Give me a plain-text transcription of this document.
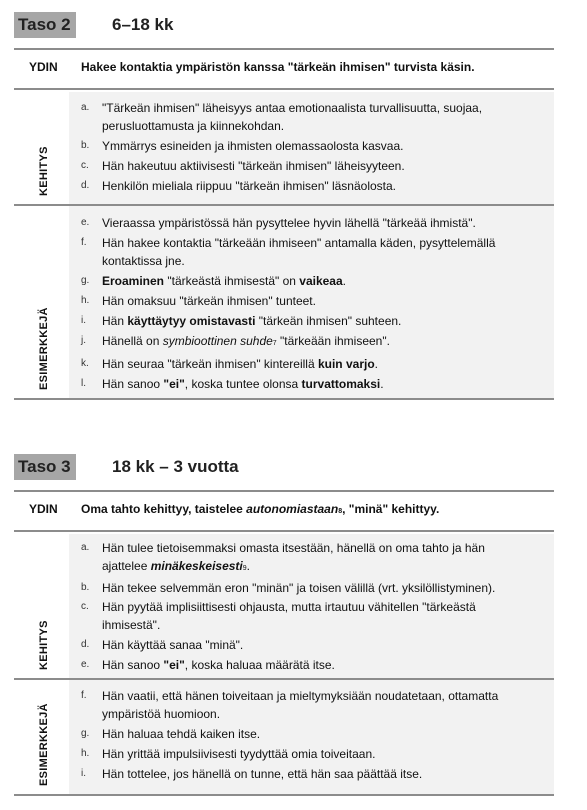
Taso 2	6–18 kk
YDIN Hakee kontaktia ympäristön kanssa "tärkeän ihmisen" turvista käsin.
KEHITYS
a. "Tärkeän ihmisen" läheisyys antaa emotionaalista turvallisuutta, suojaa,
perusluottamusta ja kiinnekohdan.
b. Ymmärrys esineiden ja ihmisten olemassaolosta kasvaa.
c. Hän hakeutuu aktiivisesti "tärkeän ihmisen" läheisyyteen.
d. Henkilön mieliala riippuu "tärkeän ihmisen" läsnäolosta.
ESIMERKKEJÄ
e. Vieraassa ympäristössä hän pysyttelee hyvin lähellä "tärkeää ihmistä".
f. Hän hakee kontaktia "tärkeään ihmiseen" antamalla käden, pysyttelemällä
kontaktissa jne.
g. Eroaminen "tärkeästä ihmisestä" on vaikeaa.
h. Hän omaksuu "tärkeän ihmisen" tunteet.
i. Hän käyttäytyy omistavasti "tärkeän ihmisen" suhteen.
j. Hänellä on symbioottinen suhde7 "tärkeään ihmiseen".
k. Hän seuraa "tärkeän ihmisen" kintereillä kuin varjo.
l. Hän sanoo "ei", koska tuntee olonsa turvattomaksi.
Taso 3	18 kk – 3 vuotta
YDIN Oma tahto kehittyy, taistelee autonomiastaan8, "minä" kehittyy.
KEHITYS
a. Hän tulee tietoisemmaksi omasta itsestään, hänellä on oma tahto ja hän
ajattelee minäkeskeisesti9.
b. Hän tekee selvemmän eron "minän" ja toisen välillä (vrt. yksilöllistyminen).
c. Hän pyytää implisiittisesti ohjausta, mutta irtautuu vähitellen "tärkeästä
ihmisestä".
d. Hän käyttää sanaa "minä".
e. Hän sanoo "ei", koska haluaa määrätä itse.
ESIMERKKEJÄ
f. Hän vaatii, että hänen toiveitaan ja mieltymyksiään noudatetaan, ottamatta
ympäristöä huomioon.
g. Hän haluaa tehdä kaiken itse.
h. Hän yrittää impulsiivisesti tyydyttää omia toiveitaan.
i. Hän tottelee, jos hänellä on tunne, että hän saa päättää itse.
